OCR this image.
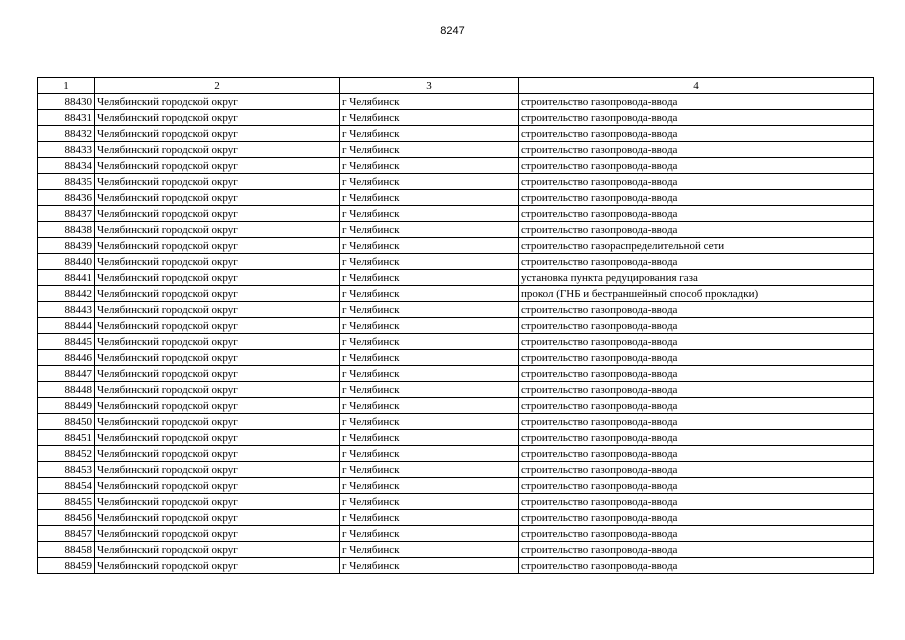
8247
1	2	3	4
88430	Челябинский городской округ	г Челябинск	строительство газопровода-ввода
88431	Челябинский городской округ	г Челябинск	строительство газопровода-ввода
88432	Челябинский городской округ	г Челябинск	строительство газопровода-ввода
88433	Челябинский городской округ	г Челябинск	строительство газопровода-ввода
88434	Челябинский городской округ	г Челябинск	строительство газопровода-ввода
88435	Челябинский городской округ	г Челябинск	строительство газопровода-ввода
88436	Челябинский городской округ	г Челябинск	строительство газопровода-ввода
88437	Челябинский городской округ	г Челябинск	строительство газопровода-ввода
88438	Челябинский городской округ	г Челябинск	строительство газопровода-ввода
88439	Челябинский городской округ	г Челябинск	строительство газораспределительной сети
88440	Челябинский городской округ	г Челябинск	строительство газопровода-ввода
88441	Челябинский городской округ	г Челябинск	установка пункта редуцирования газа
88442	Челябинский городской округ	г Челябинск	прокол (ГНБ и бестраншейный способ прокладки)
88443	Челябинский городской округ	г Челябинск	строительство газопровода-ввода
88444	Челябинский городской округ	г Челябинск	строительство газопровода-ввода
88445	Челябинский городской округ	г Челябинск	строительство газопровода-ввода
88446	Челябинский городской округ	г Челябинск	строительство газопровода-ввода
88447	Челябинский городской округ	г Челябинск	строительство газопровода-ввода
88448	Челябинский городской округ	г Челябинск	строительство газопровода-ввода
88449	Челябинский городской округ	г Челябинск	строительство газопровода-ввода
88450	Челябинский городской округ	г Челябинск	строительство газопровода-ввода
88451	Челябинский городской округ	г Челябинск	строительство газопровода-ввода
88452	Челябинский городской округ	г Челябинск	строительство газопровода-ввода
88453	Челябинский городской округ	г Челябинск	строительство газопровода-ввода
88454	Челябинский городской округ	г Челябинск	строительство газопровода-ввода
88455	Челябинский городской округ	г Челябинск	строительство газопровода-ввода
88456	Челябинский городской округ	г Челябинск	строительство газопровода-ввода
88457	Челябинский городской округ	г Челябинск	строительство газопровода-ввода
88458	Челябинский городской округ	г Челябинск	строительство газопровода-ввода
88459	Челябинский городской округ	г Челябинск	строительство газопровода-ввода
